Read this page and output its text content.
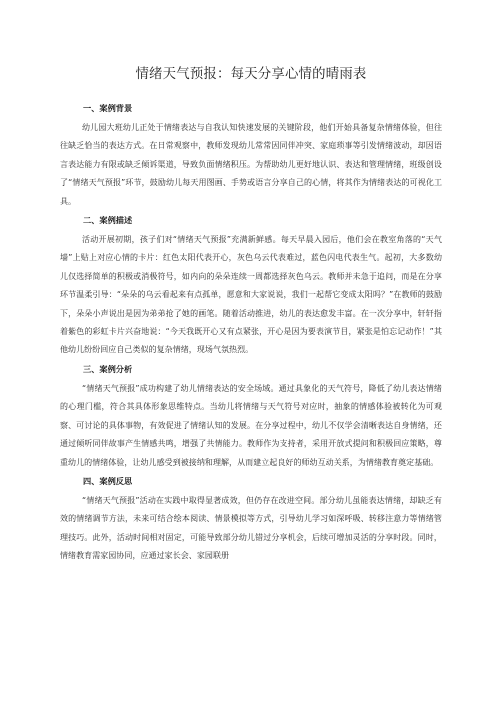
情绪天气预报：每天分享心情的晴雨表
一、案例背景

幼儿园大班幼儿正处于情绪表达与自我认知快速发展的关键阶段，他们开始具备复杂情绪体验，但往往缺乏恰当的表达方式。在日常观察中，教师发现幼儿常常因同伴冲突、家庭琐事等引发情绪波动，却因语言表达能力有限或缺乏倾诉渠道，导致负面情绪积压。为帮助幼儿更好地认识、表达和管理情绪，班级创设了“情绪天气预报”环节，鼓励幼儿每天用图画、手势或语言分享自己的心情，将其作为情绪表达的可视化工具。

二、案例描述

活动开展初期，孩子们对“情绪天气预报”充满新鲜感。每天早晨入园后，他们会在教室角落的“天气墙”上贴上对应心情的卡片：红色太阳代表开心，灰色乌云代表难过，蓝色闪电代表生气。起初，大多数幼儿仅选择简单的积极或消极符号，如内向的朵朵连续一周都选择灰色乌云。教师并未急于追问，而是在分享环节温柔引导：“朵朵的乌云看起来有点孤单，愿意和大家说说，我们一起帮它变成太阳吗？”在教师的鼓励下，朵朵小声说出是因为弟弟抢了她的画笔。随着活动推进，幼儿的表达愈发丰富。在一次分享中，轩轩指着紫色的彩虹卡片兴奋地说：“今天我既开心又有点紧张，开心是因为要表演节目，紧张是怕忘记动作！”其他幼儿纷纷回应自己类似的复杂情绪，现场气氛热烈。

三、案例分析

“情绪天气预报”成功构建了幼儿情绪表达的安全场域。通过具象化的天气符号，降低了幼儿表达情绪的心理门槛，符合其具体形象思维特点。当幼儿将情绪与天气符号对应时，抽象的情感体验被转化为可观察、可讨论的具体事物，有效促进了情绪认知的发展。在分享过程中，幼儿不仅学会清晰表达自身情绪，还通过倾听同伴故事产生情感共鸣，增强了共情能力。教师作为支持者，采用开放式提问和积极回应策略，尊重幼儿的情绪体验，让幼儿感受到被接纳和理解，从而建立起良好的师幼互动关系，为情绪教育奠定基础。

四、案例反思

“情绪天气预报”活动在实践中取得显著成效，但仍存在改进空间。部分幼儿虽能表达情绪，却缺乏有效的情绪调节方法，未来可结合绘本阅读、情景模拟等方式，引导幼儿学习如深呼吸、转移注意力等情绪管理技巧。此外，活动时间相对固定，可能导致部分幼儿错过分享机会，后续可增加灵活的分享时段。同时，情绪教育需家园协同，应通过家长会、家园联册
